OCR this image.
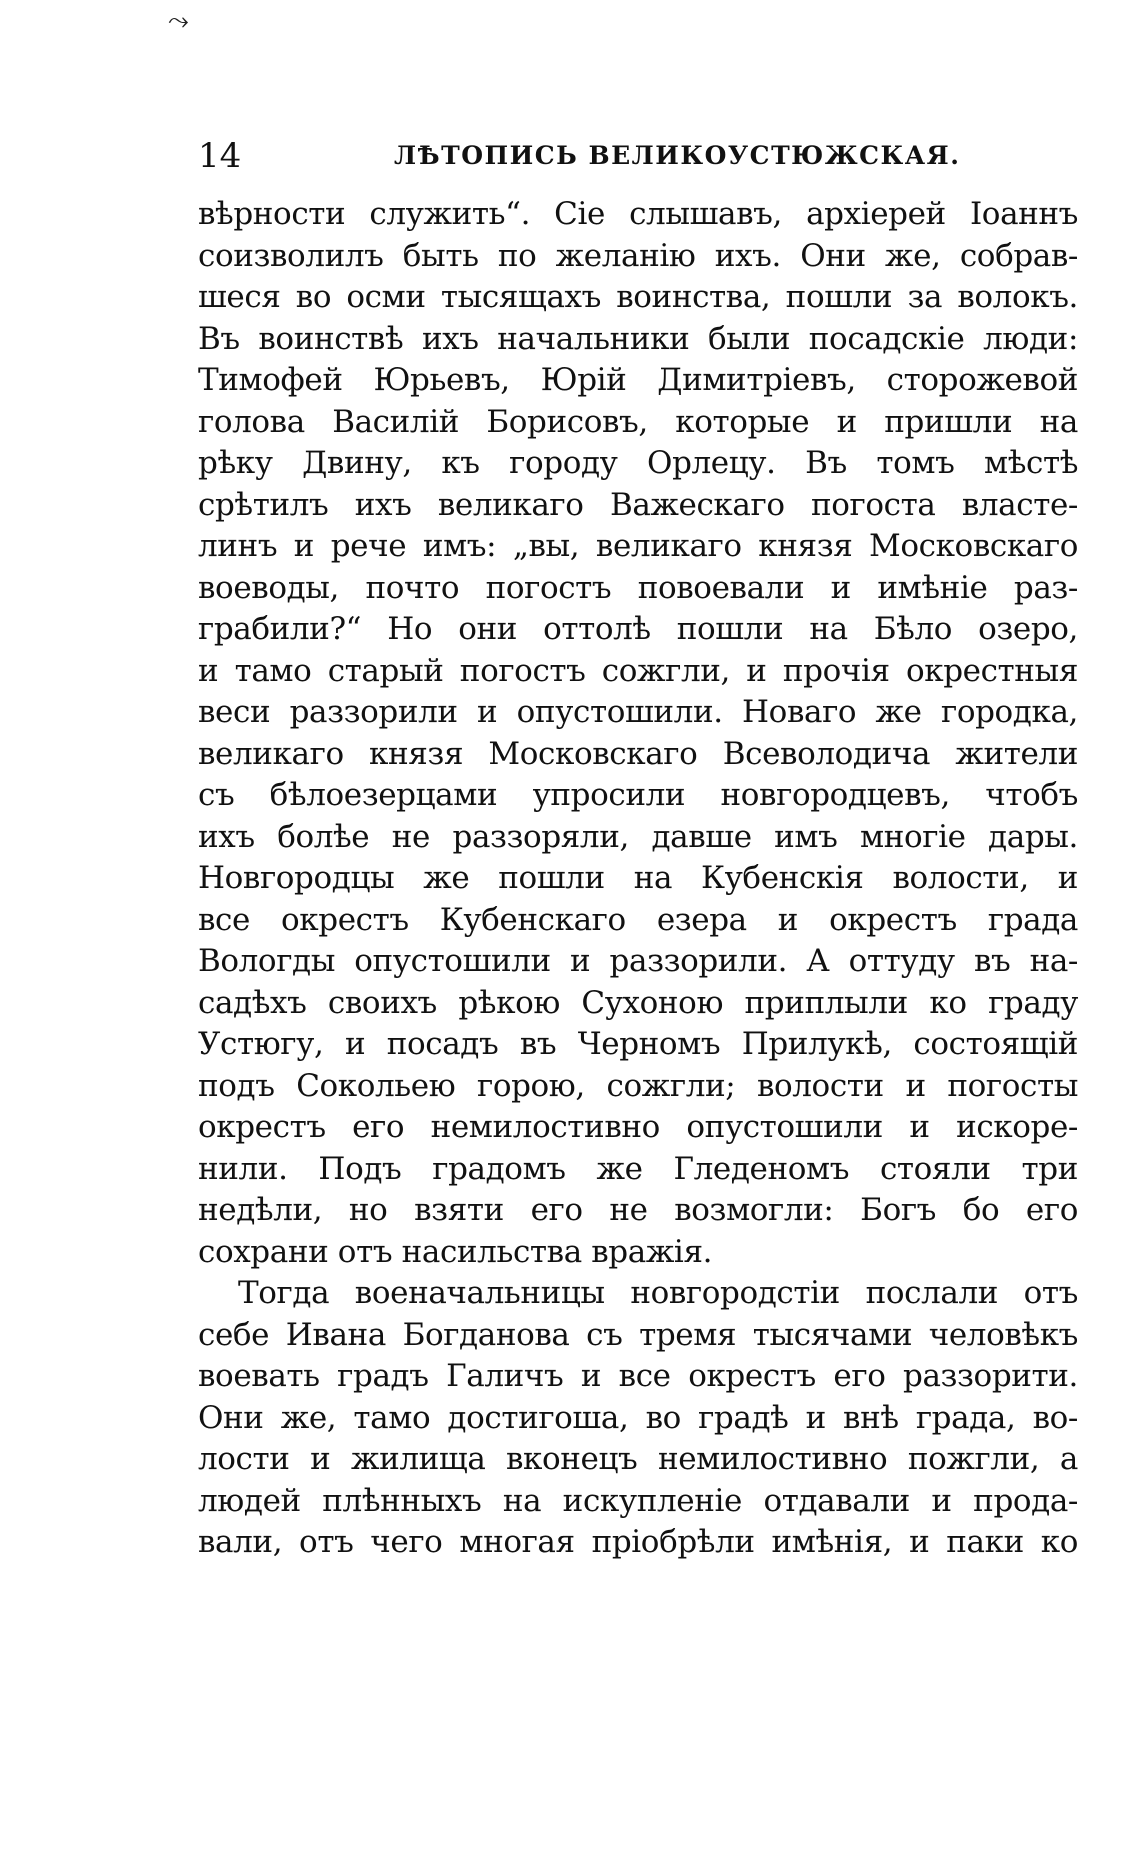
⤳
14	ЛѢТОПИСЬ ВЕЛИКОУСТЮЖСКАЯ.
вѣрности служить“. Сіе слышавъ, архіерей Іоаннъ
соизволилъ быть по желанію ихъ. Они же, собрав-
шеся во осми тысящахъ воинства, пошли за волокъ.
Въ воинствѣ ихъ начальники были посадскіе люди:
Тимофей Юрьевъ, Юрій Димитріевъ, сторожевой
голова Василій Борисовъ, которые и пришли на
рѣку Двину, къ городу Орлецу. Въ томъ мѣстѣ
срѣтилъ ихъ великаго Важескаго погоста власте-
линъ и рече имъ: „вы, великаго князя Московскаго
воеводы, почто погостъ повоевали и имѣніе раз-
грабили?“ Но они оттолѣ пошли на Бѣло озеро,
и тамо старый погостъ сожгли, и прочія окрестныя
веси раззорили и опустошили. Новаго же городка,
великаго князя Московскаго Всеволодича жители
съ бѣлоезерцами упросили новгородцевъ, чтобъ
ихъ болѣе не раззоряли, давше имъ многіе дары.
Новгородцы же пошли на Кубенскія волости, и
все окрестъ Кубенскаго езера и окрестъ града
Вологды опустошили и раззорили. А оттуду въ на-
садѣхъ своихъ рѣкою Сухоною приплыли ко граду
Устюгу, и посадъ въ Черномъ Прилукѣ, состоящій
подъ Сокольею горою, сожгли; волости и погосты
окрестъ его немилостивно опустошили и искоре-
нили. Подъ градомъ же Гледеномъ стояли три
недѣли, но взяти его не возмогли: Богъ бо его
сохрани отъ насильства вражія.
Тогда военачальницы новгородстіи послали отъ
себе Ивана Богданова съ тремя тысячами человѣкъ
воевать градъ Галичъ и все окрестъ его раззорити.
Они же, тамо достигоша, во градѣ и внѣ града, во-
лости и жилища вконецъ немилостивно пожгли, а
людей плѣнныхъ на искупленіе отдавали и прода-
вали, отъ чего многая пріобрѣли имѣнія, и паки ко
